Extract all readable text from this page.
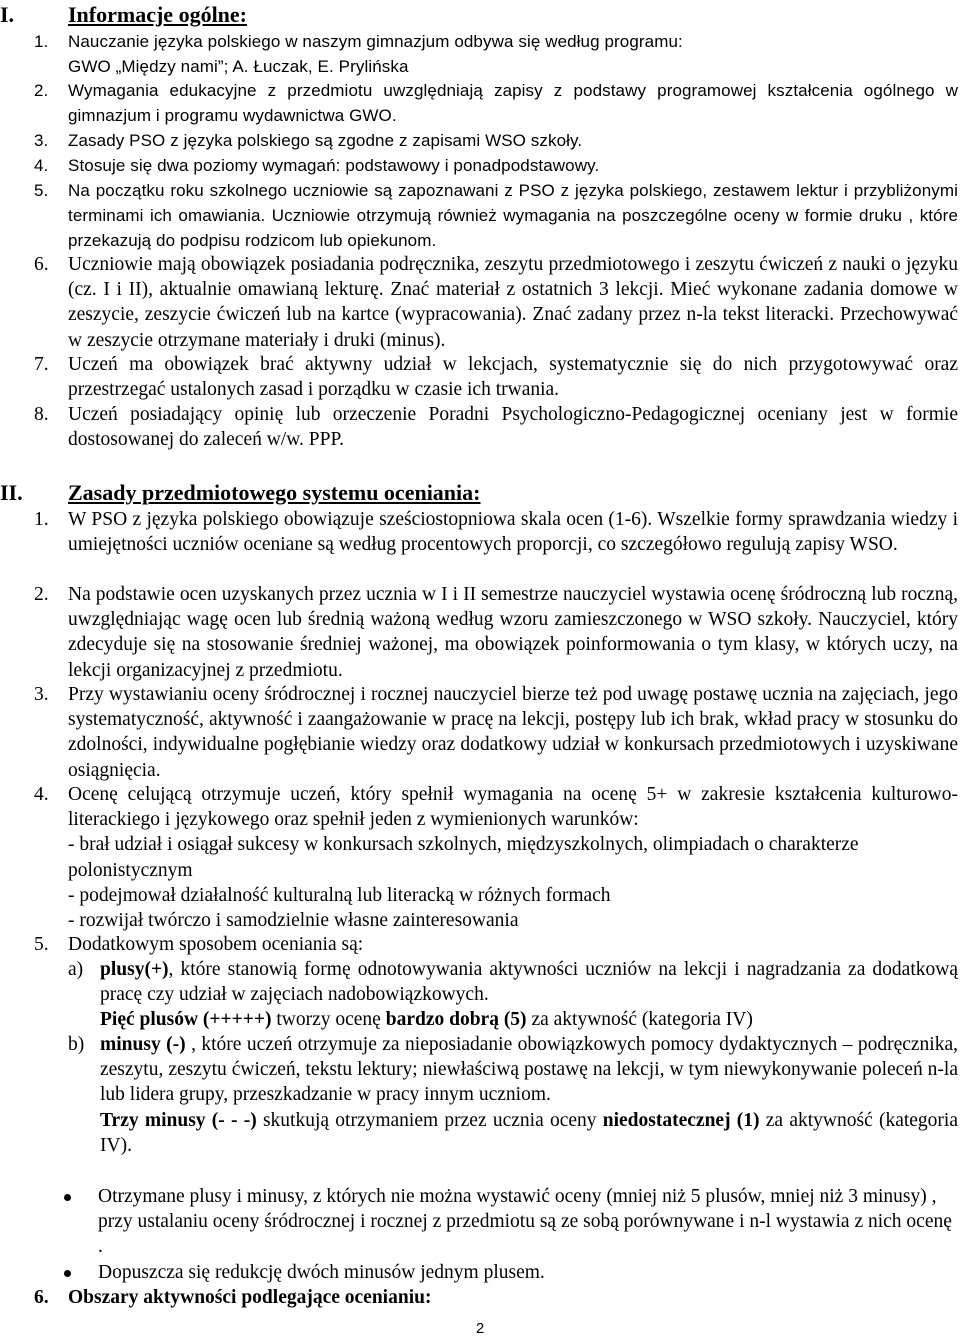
I. Informacje ogólne:
1. Nauczanie języka polskiego w naszym gimnazjum odbywa się według programu:

GWO „Między nami”; A. Łuczak, E. Prylińska

2. Wymagania edukacyjne z przedmiotu uwzględniają zapisy z podstawy programowej kształcenia ogólnego w gimnazjum i programu wydawnictwa GWO.
3. Zasady PSO z języka polskiego są zgodne z zapisami WSO szkoły.
4. Stosuje się dwa poziomy wymagań: podstawowy i ponadpodstawowy.
5. Na początku roku szkolnego uczniowie są zapoznawani z PSO z języka polskiego, zestawem lektur i przybliżonymi terminami ich omawiania. Uczniowie otrzymują również wymagania na poszczególne oceny w formie druku , które przekazują do podpisu rodzicom lub opiekunom.
6. Uczniowie mają obowiązek posiadania podręcznika, zeszytu przedmiotowego i zeszytu ćwiczeń z nauki o języku (cz. I i II), aktualnie omawianą lekturę. Znać materiał z ostatnich 3 lekcji. Mieć wykonane zadania domowe w zeszycie, zeszycie ćwiczeń lub na kartce (wypracowania). Znać zadany przez n-la tekst literacki. Przechowywać w zeszycie otrzymane materiały i druki (minus).
7. Uczeń ma obowiązek brać aktywny udział w lekcjach, systematycznie się do nich przygotowywać oraz przestrzegać ustalonych zasad i porządku w czasie ich trwania.
8. Uczeń posiadający opinię lub orzeczenie Poradni Psychologiczno-Pedagogicznej oceniany jest w formie dostosowanej do zaleceń w/w. PPP.
II. Zasady przedmiotowego systemu oceniania:
1. W PSO z języka polskiego obowiązuje sześciostopniowa skala ocen (1-6). Wszelkie formy sprawdzania wiedzy i umiejętności uczniów oceniane są według procentowych proporcji, co szczegółowo regulują zapisy WSO.
2. Na podstawie ocen uzyskanych przez ucznia w I i II semestrze nauczyciel wystawia ocenę śródroczną lub roczną, uwzględniając wagę ocen lub średnią ważoną według wzoru zamieszczonego w WSO szkoły. Nauczyciel, który zdecyduje się na stosowanie średniej ważonej, ma obowiązek poinformowania o tym klasy, w których uczy, na lekcji organizacyjnej z przedmiotu.
3. Przy wystawianiu oceny śródrocznej i rocznej nauczyciel bierze też pod uwagę postawę ucznia na zajęciach, jego systematyczność, aktywność i zaangażowanie w pracę na lekcji, postępy lub ich brak, wkład pracy w stosunku do zdolności, indywidualne pogłębianie wiedzy oraz dodatkowy udział w konkursach przedmiotowych i uzyskiwane osiągnięcia.
4. Ocenę celującą otrzymuje uczeń, który spełnił wymagania na ocenę 5+ w zakresie kształcenia kulturowo- literackiego i językowego oraz spełnił jeden z wymienionych warunków:

- brał udział i osiągał sukcesy w konkursach szkolnych, międzyszkolnych, olimpiadach o charakterze polonistycznym

- podejmował działalność kulturalną lub literacką w różnych formach

- rozwijał twórczo i samodzielnie własne zainteresowania

5. Dodatkowym sposobem oceniania są:
a) plusy(+), które stanowią formę odnotowywania aktywności uczniów na lekcji i nagradzania za dodatkową pracę czy udział w zajęciach nadobowiązkowych.

Pięć plusów (+++++) tworzy ocenę bardzo dobrą (5) za aktywność (kategoria IV)

b) minusy (-) , które uczeń otrzymuje za nieposiadanie obowiązkowych pomocy dydaktycznych – podręcznika, zeszytu, zeszytu ćwiczeń, tekstu lektury; niewłaściwą postawę na lekcji, w tym niewykonywanie poleceń n-la lub lidera grupy, przeszkadzanie w pracy innym uczniom.

Trzy minusy (- - -) skutkują otrzymaniem przez ucznia oceny niedostatecznej (1) za aktywność (kategoria IV).

Otrzymane plusy i minusy, z których nie można wystawić oceny (mniej niż 5 plusów, mniej niż 3 minusy) , przy ustalaniu oceny śródrocznej i rocznej z przedmiotu są ze sobą porównywane i n-l wystawia z nich ocenę .
Dopuszcza się redukcję dwóch minusów jednym plusem.
6. Obszary aktywności podlegające ocenianiu:
2
